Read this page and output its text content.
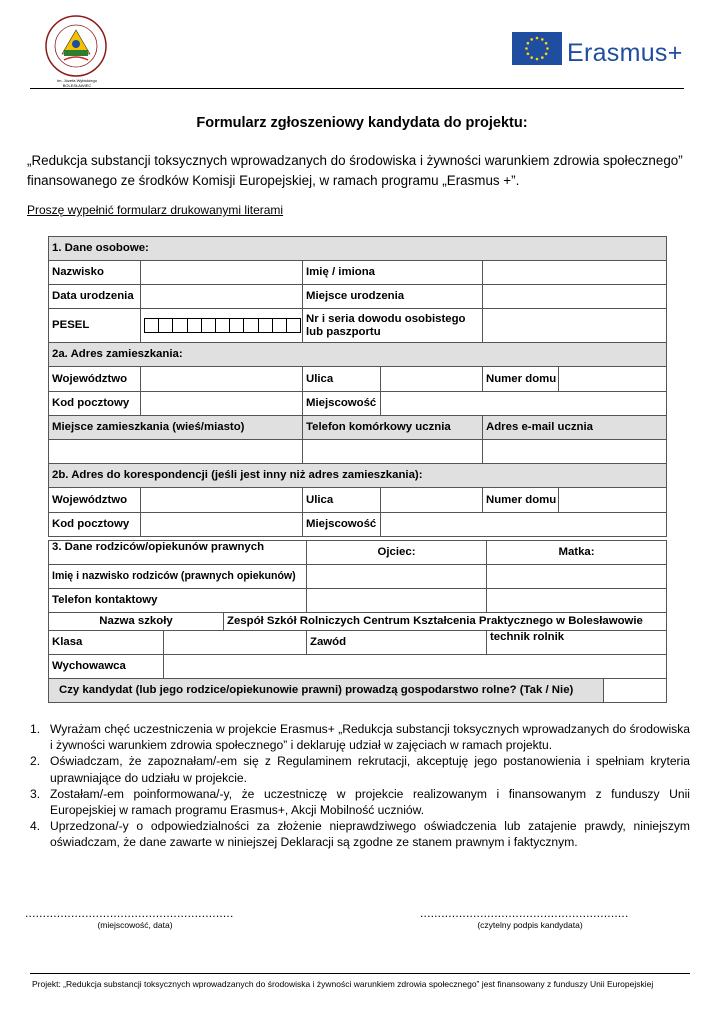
Im. Józefa Wybickiego
BOLESŁAWIEC
Erasmus+
Formularz zgłoszeniowy kandydata do projektu:
„Redukcja substancji toksycznych wprowadzanych do środowiska i żywności warunkiem zdrowia społecznego” finansowanego ze środków Komisji Europejskiej, w ramach programu „Erasmus +”.
Proszę wypełnić formularz drukowanymi literami
1. Dane osobowe:				
Nazwisko		Imię / imiona		
Data urodzenia		Miejsce urodzenia		
PESEL		Nr i seria dowodu osobistego lub paszportu		
2a. Adres zamieszkania:				
Województwo		Ulica		Numer domu
Kod pocztowy		Miejscowość		
Miejsce zamieszkania (wieś/miasto)		Telefon komórkowy ucznia		Adres e-mail ucznia

2b. Adres do korespondencji (jeśli jest inny niż adres zamieszkania):				
Województwo		Ulica		Numer domu
Kod pocztowy		Miejscowość		
3. Dane rodziców/opiekunów prawnych	Ojciec:	Matka:
Imię i nazwisko rodziców (prawnych opiekunów)		
Telefon kontaktowy		
Nazwa szkoły		Zespół Szkół Rolniczych Centrum Kształcenia Praktycznego w Bolesławowie		
Klasa			Zawód	technik rolnik
Wychowawca				
Czy kandydat (lub jego rodzice/opiekunowie prawni) prowadzą gospodarstwo rolne? (Tak / Nie)	
1. Wyrażam chęć uczestniczenia w projekcie Erasmus+ „Redukcja substancji toksycznych wprowadzanych do środowiska i żywności warunkiem zdrowia społecznego” i deklaruję udział w zajęciach w ramach projektu.
2. Oświadczam, że zapoznałam/-em się z Regulaminem rekrutacji, akceptuję jego postanowienia i spełniam kryteria uprawniające do udziału w projekcie.
3. Zostałam/-em poinformowana/-y, że uczestniczę w projekcie realizowanym i finansowanym z funduszy Unii Europejskiej w ramach programu Erasmus+, Akcji Mobilność uczniów.
4. Uprzedzona/-y o odpowiedzialności za złożenie nieprawdziwego oświadczenia lub zatajenie prawdy, niniejszym oświadczam, że dane zawarte w niniejszej Deklaracji są zgodne ze stanem prawnym i faktycznym.
...........................................................
(miejscowość, data)
...........................................................
(czytelny podpis kandydata)
Projekt: „Redukcja substancji toksycznych wprowadzanych do środowiska i żywności warunkiem zdrowia społecznego” jest finansowany z funduszy Unii Europejskiej
